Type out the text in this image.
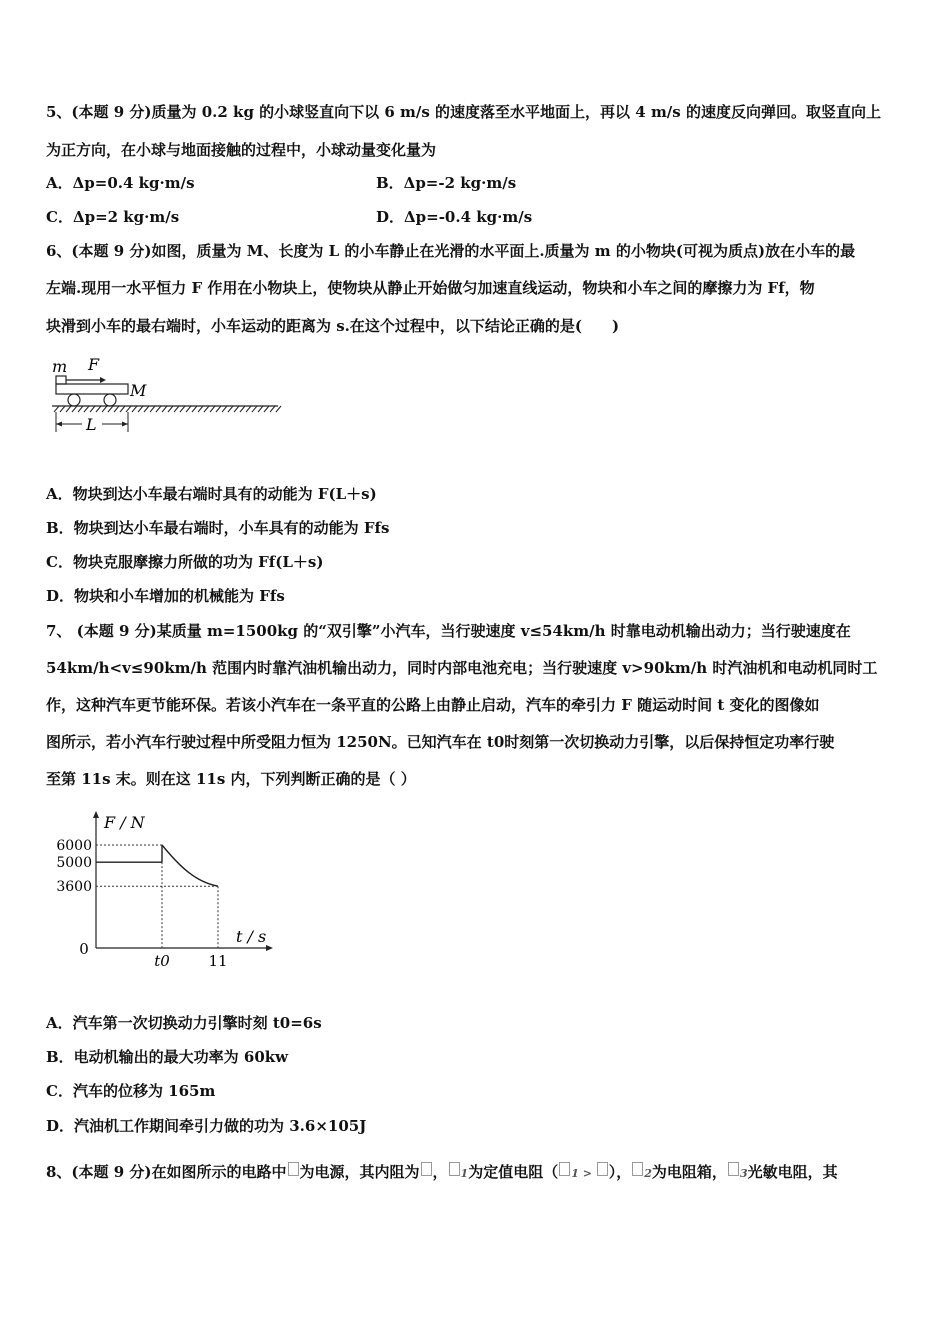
5、(本题 9 分)质量为 0.2 kg 的小球竖直向下以 6 m/s 的速度落至水平地面上，再以 4 m/s 的速度反向弹回。取竖直向上
为正方向，在小球与地面接触的过程中，小球动量变化量为
A．Δp=0.4 kg·m/s	B．Δp=-2 kg·m/s
C．Δp=2 kg·m/s	D．Δp=-0.4 kg·m/s
6、(本题 9 分)如图，质量为 M、长度为 L 的小车静止在光滑的水平面上.质量为 m 的小物块(可视为质点)放在小车的最
左端.现用一水平恒力 F 作用在小物块上，使物块从静止开始做匀加速直线运动，物块和小车之间的摩擦力为 Ff，物
块滑到小车的最右端时，小车运动的距离为 s.在这个过程中，以下结论正确的是(　　)
m F
M
L
A．物块到达小车最右端时具有的动能为 F(L＋s)
B．物块到达小车最右端时，小车具有的动能为 Ffs
C．物块克服摩擦力所做的功为 Ff(L＋s)
D．物块和小车增加的机械能为 Ffs
7、 (本题 9 分)某质量 m=1500kg 的“双引擎”小汽车，当行驶速度 v≤54km/h 时靠电动机输出动力；当行驶速度在
54km/h<v≤90km/h 范围内时靠汽油机输出动力，同时内部电池充电；当行驶速度 v>90km/h 时汽油机和电动机同时工
作，这种汽车更节能环保。若该小汽车在一条平直的公路上由静止启动，汽车的牵引力 F 随运动时间 t 变化的图像如
图所示，若小汽车行驶过程中所受阻力恒为 1250N。已知汽车在 t0时刻第一次切换动力引擎，以后保持恒定功率行驶
至第 11s 末。则在这 11s 内，下列判断正确的是（ ）
F / N
t / s
6000
5000
3600
0
t0	11
A．汽车第一次切换动力引擎时刻 t0=6s
B．电动机输出的最大功率为 60kw
C．汽车的位移为 165m
D．汽油机工作期间牵引力做的功为 3.6×105J
8、(本题 9 分)在如图所示的电路中 为电源，其内阻为 ， 1为定值电阻（ 1 > ）， 2为电阻箱， 3光敏电阻，其
